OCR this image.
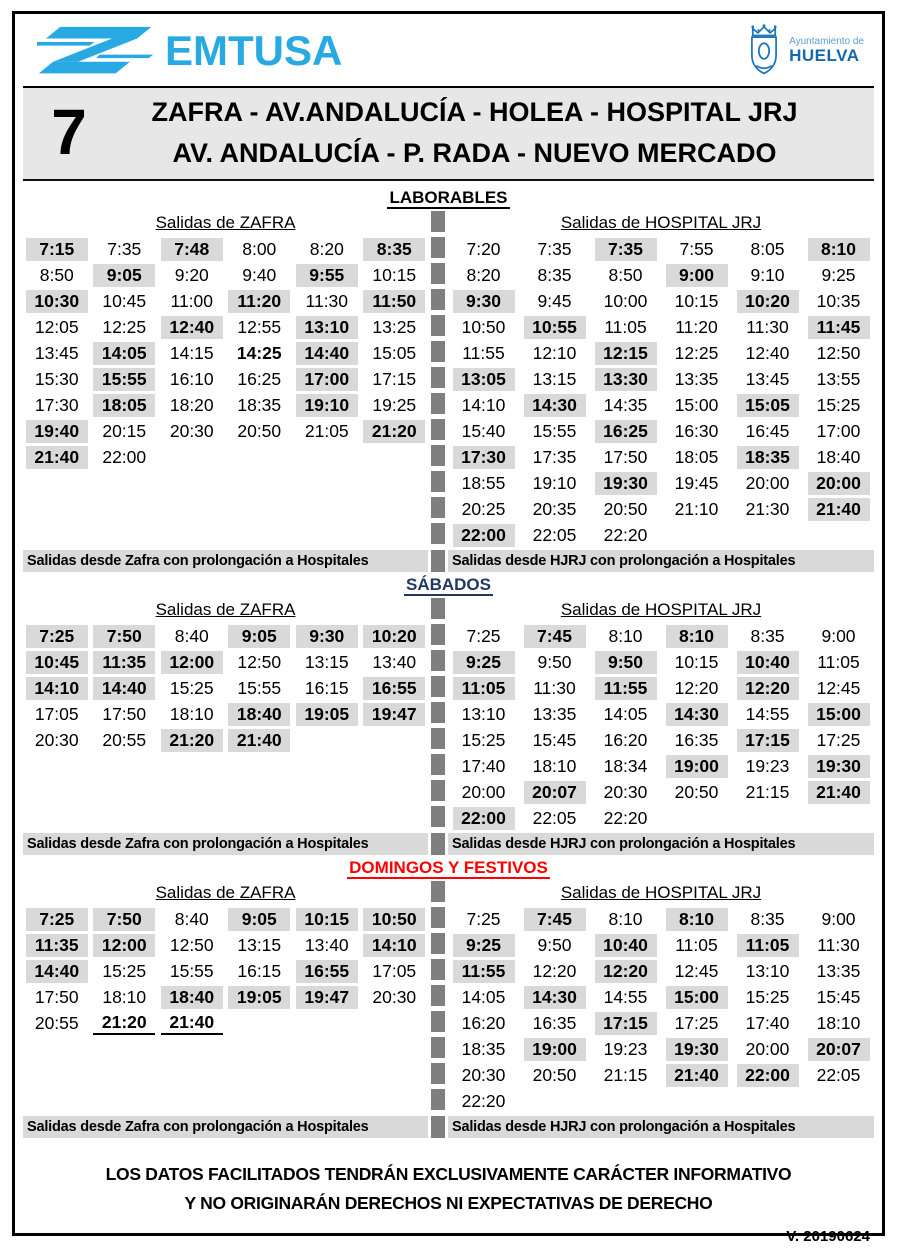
EMTUSA	Ayuntamiento de
HUELVA
7	ZAFRA - AV.ANDALUCÍA - HOLEA - HOSPITAL JRJ
AV. ANDALUCÍA - P. RADA - NUEVO MERCADO
LABORABLES
Salidas de ZAFRA
7:15	7:35	7:48	8:00	8:20	8:35
8:50	9:05	9:20	9:40	9:55	10:15
10:30	10:45	11:00	11:20	11:30	11:50
12:05	12:25	12:40	12:55	13:10	13:25
13:45	14:05	14:15	14:25	14:40	15:05
15:30	15:55	16:10	16:25	17:00	17:15
17:30	18:05	18:20	18:35	19:10	19:25
19:40	20:15	20:30	20:50	21:05	21:20
21:40	22:00
Salidas de HOSPITAL JRJ
7:20	7:35	7:35	7:55	8:05	8:10
8:20	8:35	8:50	9:00	9:10	9:25
9:30	9:45	10:00	10:15	10:20	10:35
10:50	10:55	11:05	11:20	11:30	11:45
11:55	12:10	12:15	12:25	12:40	12:50
13:05	13:15	13:30	13:35	13:45	13:55
14:10	14:30	14:35	15:00	15:05	15:25
15:40	15:55	16:25	16:30	16:45	17:00
17:30	17:35	17:50	18:05	18:35	18:40
18:55	19:10	19:30	19:45	20:00	20:00
20:25	20:35	20:50	21:10	21:30	21:40
22:00	22:05	22:20
Salidas desde Zafra con prolongación a Hospitales	Salidas desde HJRJ con prolongación a Hospitales
SÁBADOS
Salidas de ZAFRA
7:25	7:50	8:40	9:05	9:30	10:20
10:45	11:35	12:00	12:50	13:15	13:40
14:10	14:40	15:25	15:55	16:15	16:55
17:05	17:50	18:10	18:40	19:05	19:47
20:30	20:55	21:20	21:40
Salidas de HOSPITAL JRJ
7:25	7:45	8:10	8:10	8:35	9:00
9:25	9:50	9:50	10:15	10:40	11:05
11:05	11:30	11:55	12:20	12:20	12:45
13:10	13:35	14:05	14:30	14:55	15:00
15:25	15:45	16:20	16:35	17:15	17:25
17:40	18:10	18:34	19:00	19:23	19:30
20:00	20:07	20:30	20:50	21:15	21:40
22:00	22:05	22:20
Salidas desde Zafra con prolongación a Hospitales	Salidas desde HJRJ con prolongación a Hospitales
DOMINGOS Y FESTIVOS
Salidas de ZAFRA
7:25	7:50	8:40	9:05	10:15	10:50
11:35	12:00	12:50	13:15	13:40	14:10
14:40	15:25	15:55	16:15	16:55	17:05
17:50	18:10	18:40	19:05	19:47	20:30
20:55	21:20	21:40
Salidas de HOSPITAL JRJ
7:25	7:45	8:10	8:10	8:35	9:00
9:25	9:50	10:40	11:05	11:05	11:30
11:55	12:20	12:20	12:45	13:10	13:35
14:05	14:30	14:55	15:00	15:25	15:45
16:20	16:35	17:15	17:25	17:40	18:10
18:35	19:00	19:23	19:30	20:00	20:07
20:30	20:50	21:15	21:40	22:00	22:05
22:20
Salidas desde Zafra con prolongación a Hospitales	Salidas desde HJRJ con prolongación a Hospitales
LOS DATOS FACILITADOS TENDRÁN EXCLUSIVAMENTE CARÁCTER INFORMATIVO
Y NO ORIGINARÁN DERECHOS NI EXPECTATIVAS DE DERECHO
V. 20190624
